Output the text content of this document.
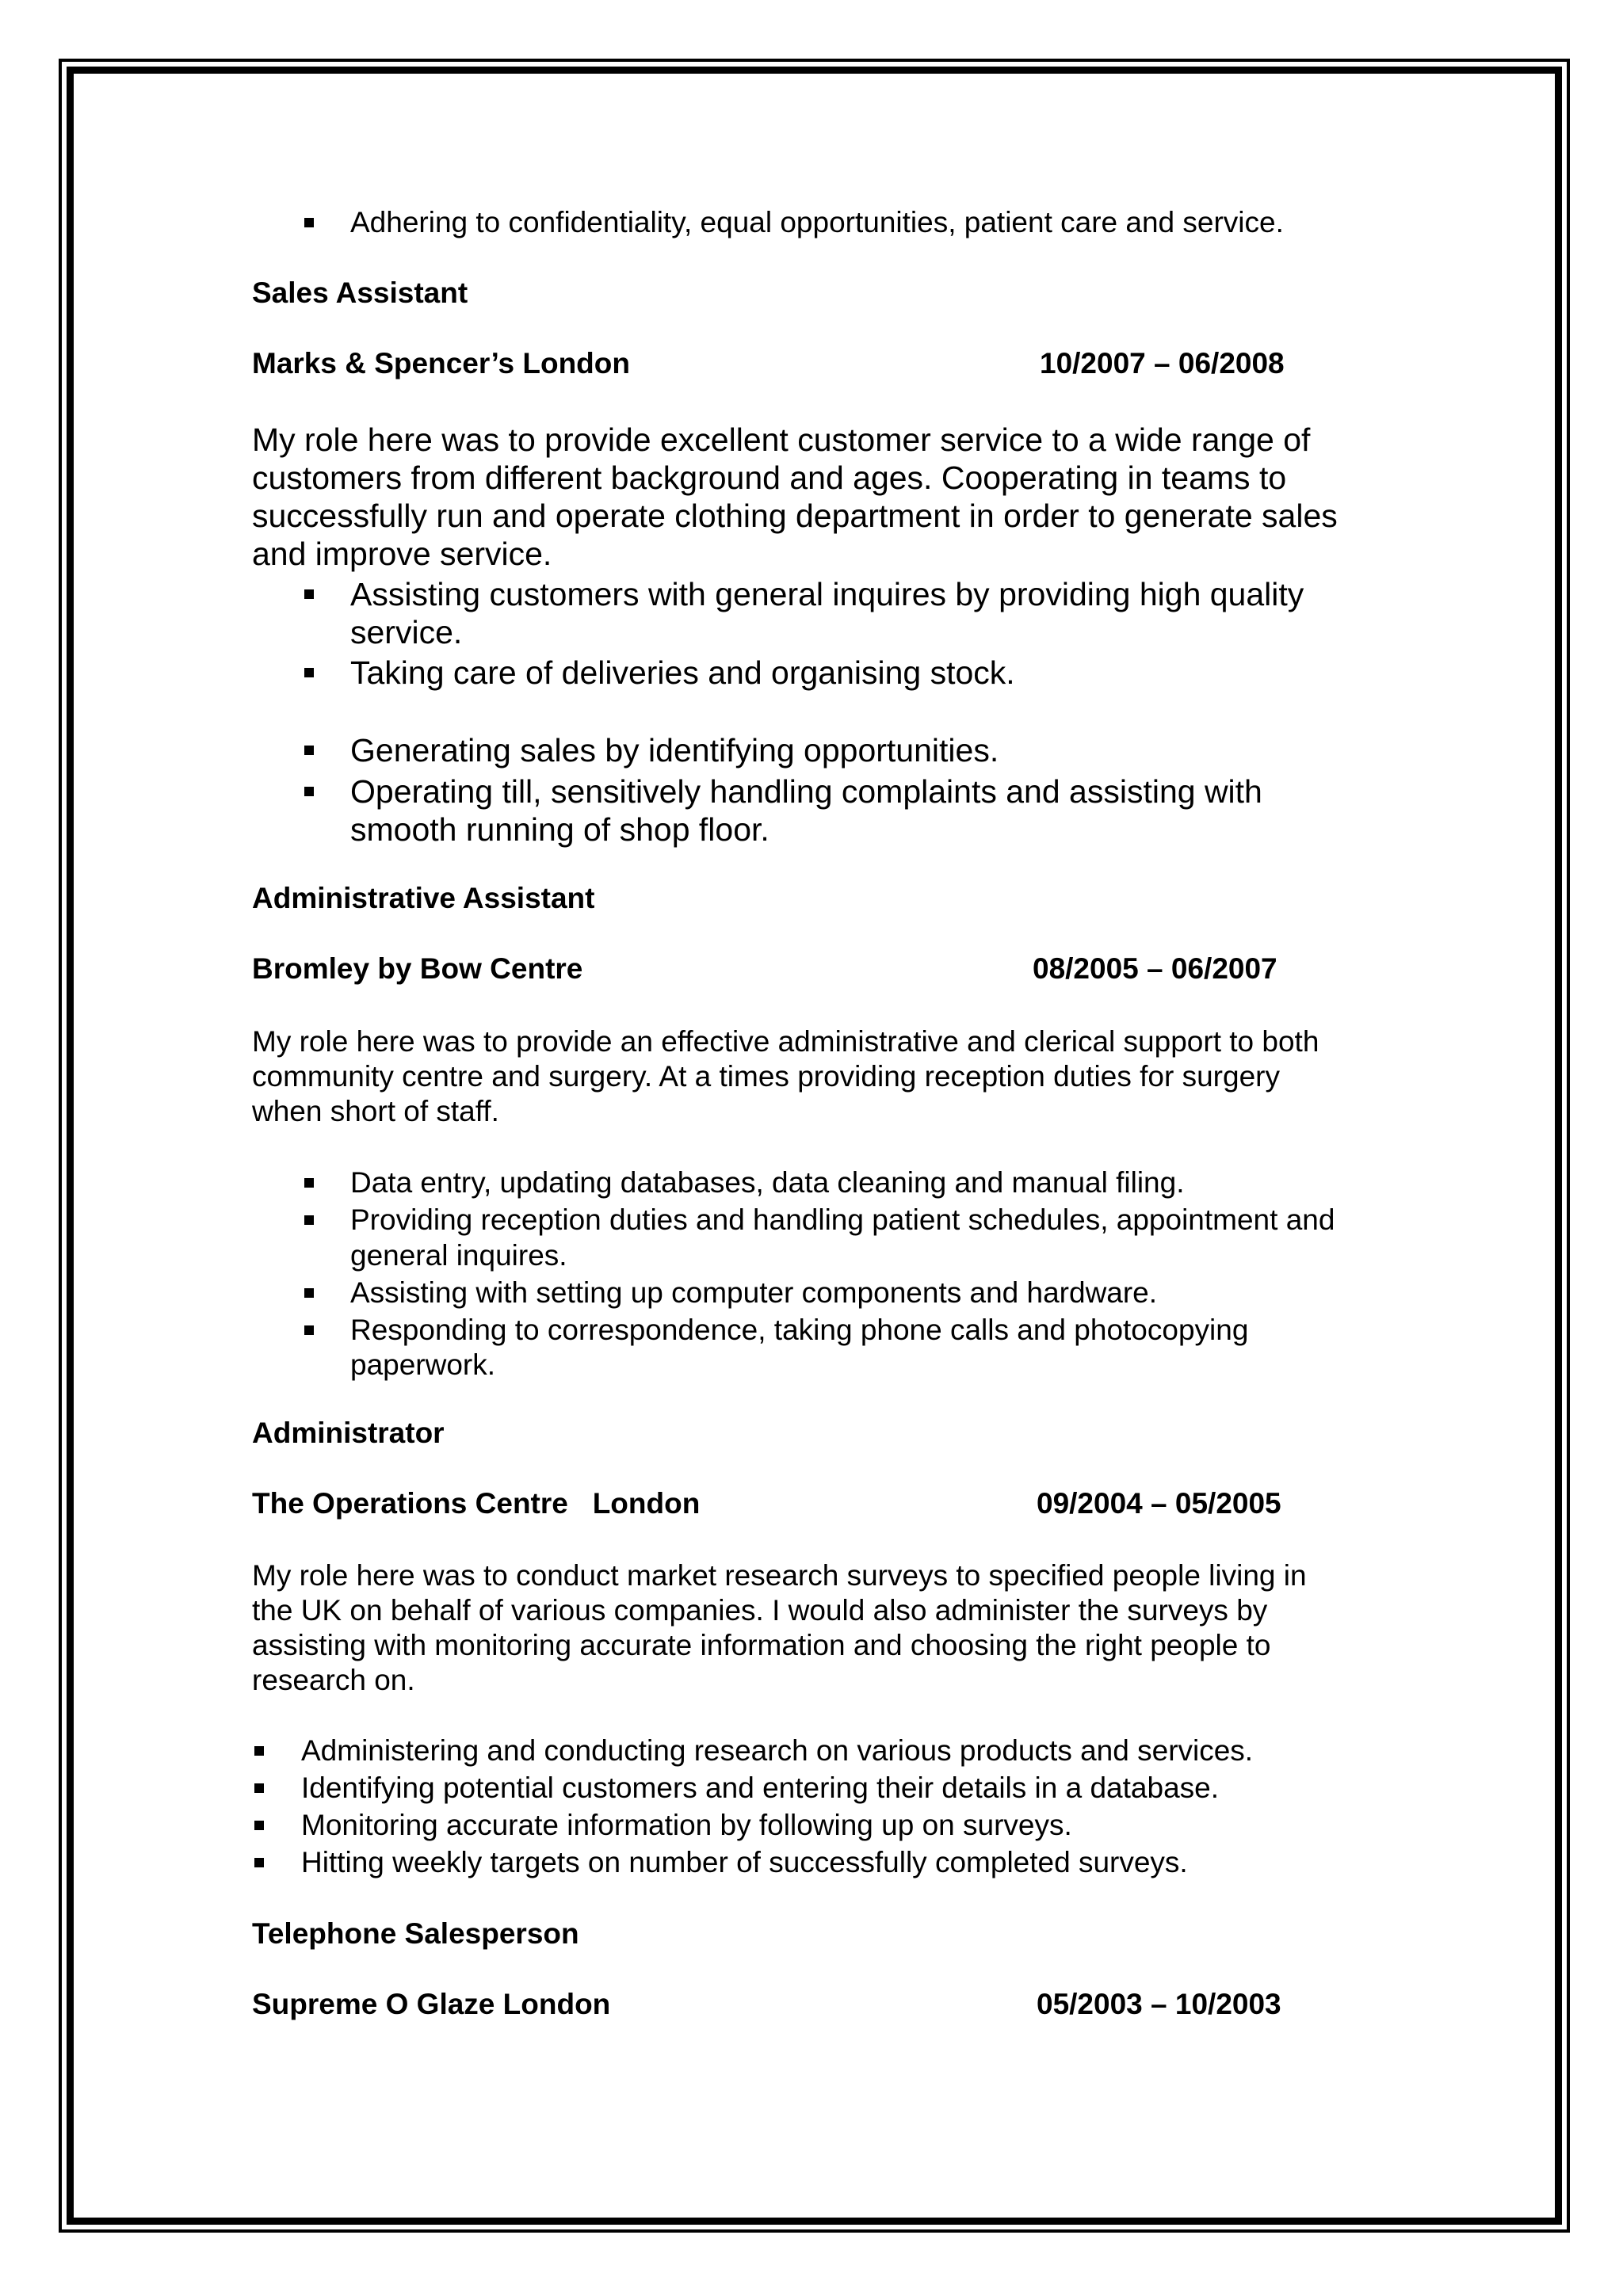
Adhering to confidentiality, equal opportunities, patient care and service.
Sales Assistant
Marks & Spencer’s London	10/2007 – 06/2008
My role here was to provide excellent customer service to a wide range of
customers from different background and ages. Cooperating in teams to
successfully run and operate clothing department in order to generate sales
and improve service.
Assisting customers with general inquires by providing high quality
service.
Taking care of deliveries and organising stock.
Generating sales by identifying opportunities.
Operating till, sensitively handling complaints and assisting with
smooth running of shop floor.
Administrative Assistant
Bromley by Bow Centre	08/2005 – 06/2007
My role here was to provide an effective administrative and clerical support to both
community centre and surgery. At a times providing reception duties for surgery
when short of staff.
Data entry, updating databases, data cleaning and manual filing.
Providing reception duties and handling patient schedules, appointment and
general inquires.
Assisting with setting up computer components and hardware.
Responding to correspondence, taking phone calls and photocopying
paperwork.
Administrator
The Operations Centre   London	09/2004 – 05/2005
My role here was to conduct market research surveys to specified people living in
the UK on behalf of various companies. I would also administer the surveys by
assisting with monitoring accurate information and choosing the right people to
research on.
Administering and conducting research on various products and services.
Identifying potential customers and entering their details in a database.
Monitoring accurate information by following up on surveys.
Hitting weekly targets on number of successfully completed surveys.
Telephone Salesperson
Supreme O Glaze London	05/2003 – 10/2003
